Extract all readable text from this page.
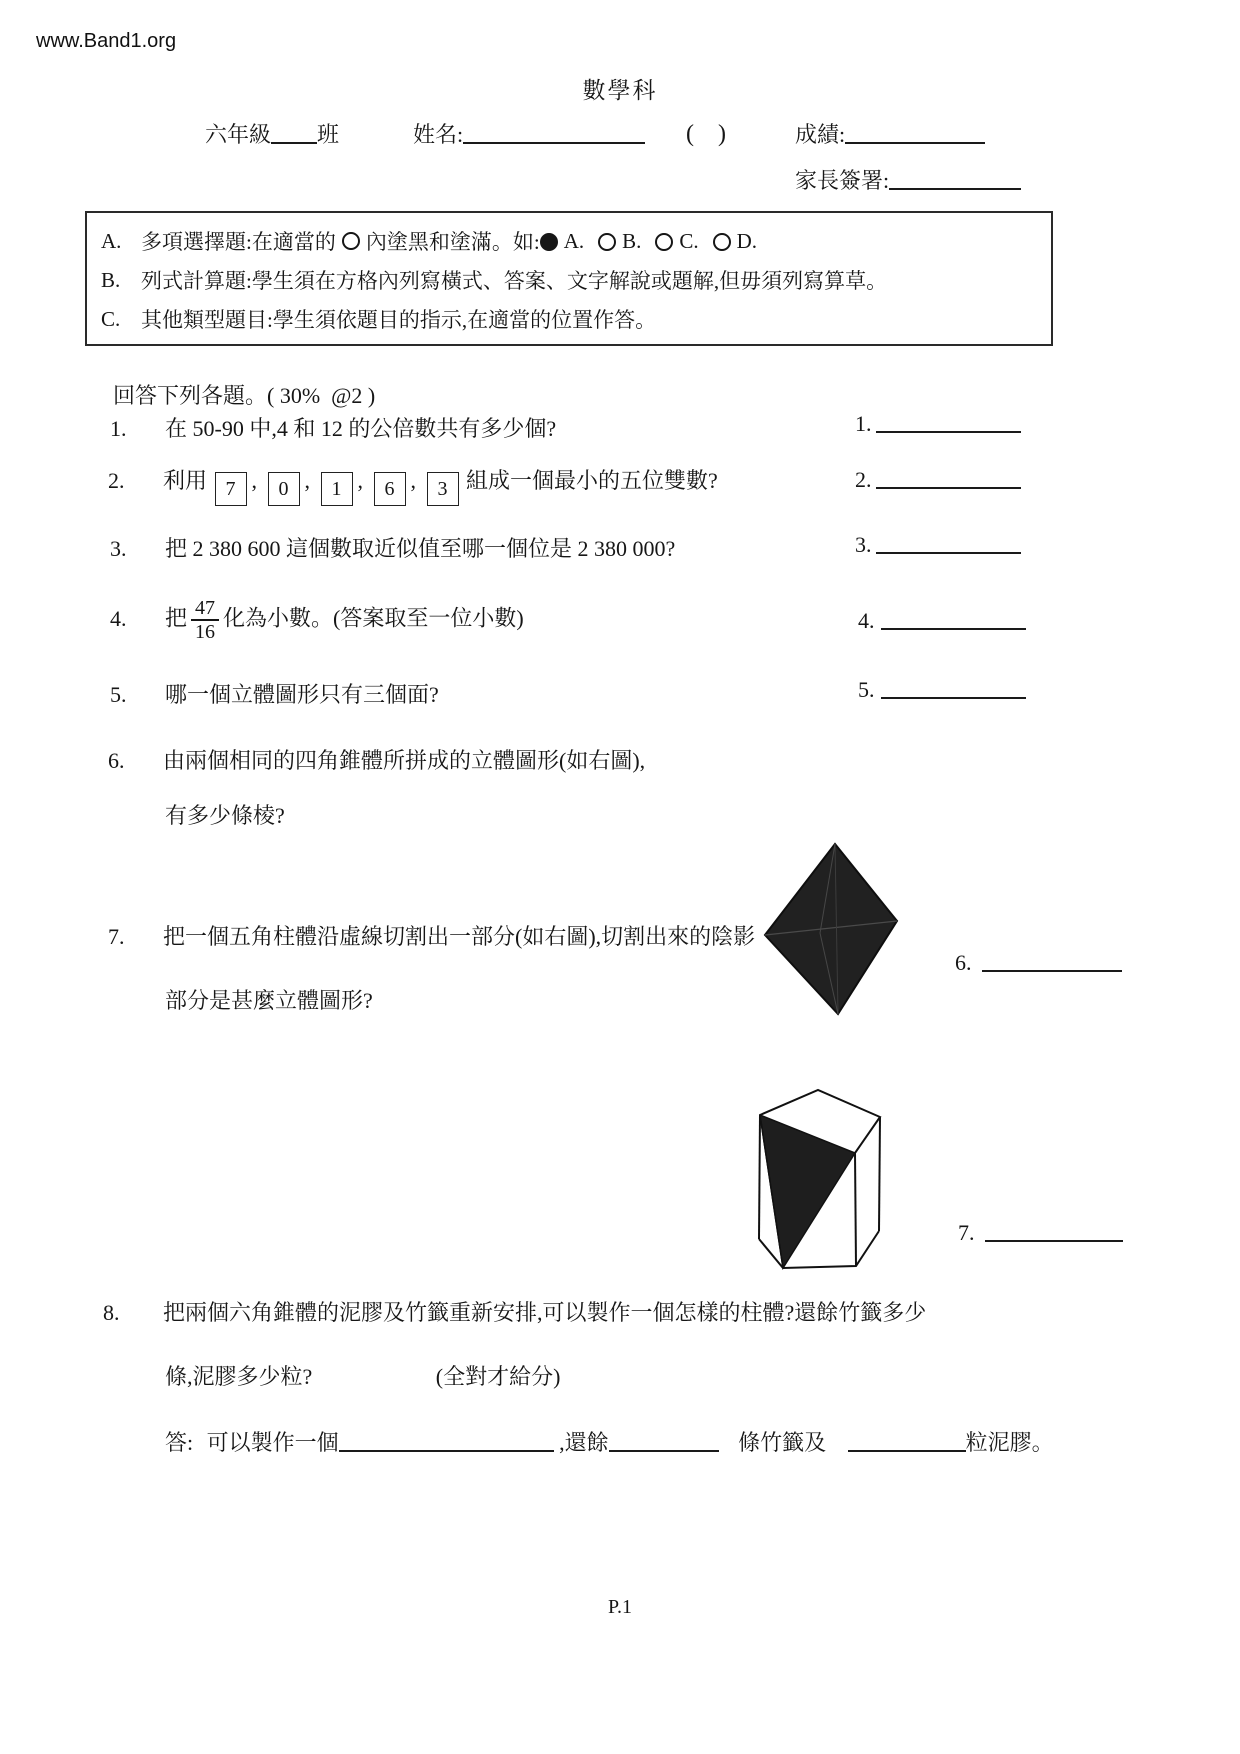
www.Band1.org
數學科
六年級 班	姓名:	(    )	成績:
家長簽署:
A. 多項選擇題:在適當的 內塗黑和塗滿。如:	A.	B.	C.	D.
B. 列式計算題:學生須在方格內列寫橫式、答案、文字解說或題解,但毋須列寫算草。
C. 其他類型題目:學生須依題目的指示,在適當的位置作答。
回答下列各題。( 30%  @2 )
1. 在 50-90 中,4 和 12 的公倍數共有多少個?	1.
2. 利用 7 , 0 , 1 , 6 , 3 組成一個最小的五位雙數?	2.
3. 把 2 380 600 這個數取近似值至哪一個位是 2 380 000?	3.
4. 把 $\frac{47}{16}$ 化為小數。(答案取至一位小數)	4.
5. 哪一個立體圖形只有三個面?	5.
6. 由兩個相同的四角錐體所拼成的立體圖形(如右圖),
有多少條棱?
6.
7. 把一個五角柱體沿虛線切割出一部分(如右圖),切割出來的陰影
部分是甚麼立體圖形?
7.
8. 把兩個六角錐體的泥膠及竹籤重新安排,可以製作一個怎樣的柱體?還餘竹籤多少
條,泥膠多少粒?	(全對才給分)
答: 可以製作一個	,還餘	條竹籤及	粒泥膠。
P.1
